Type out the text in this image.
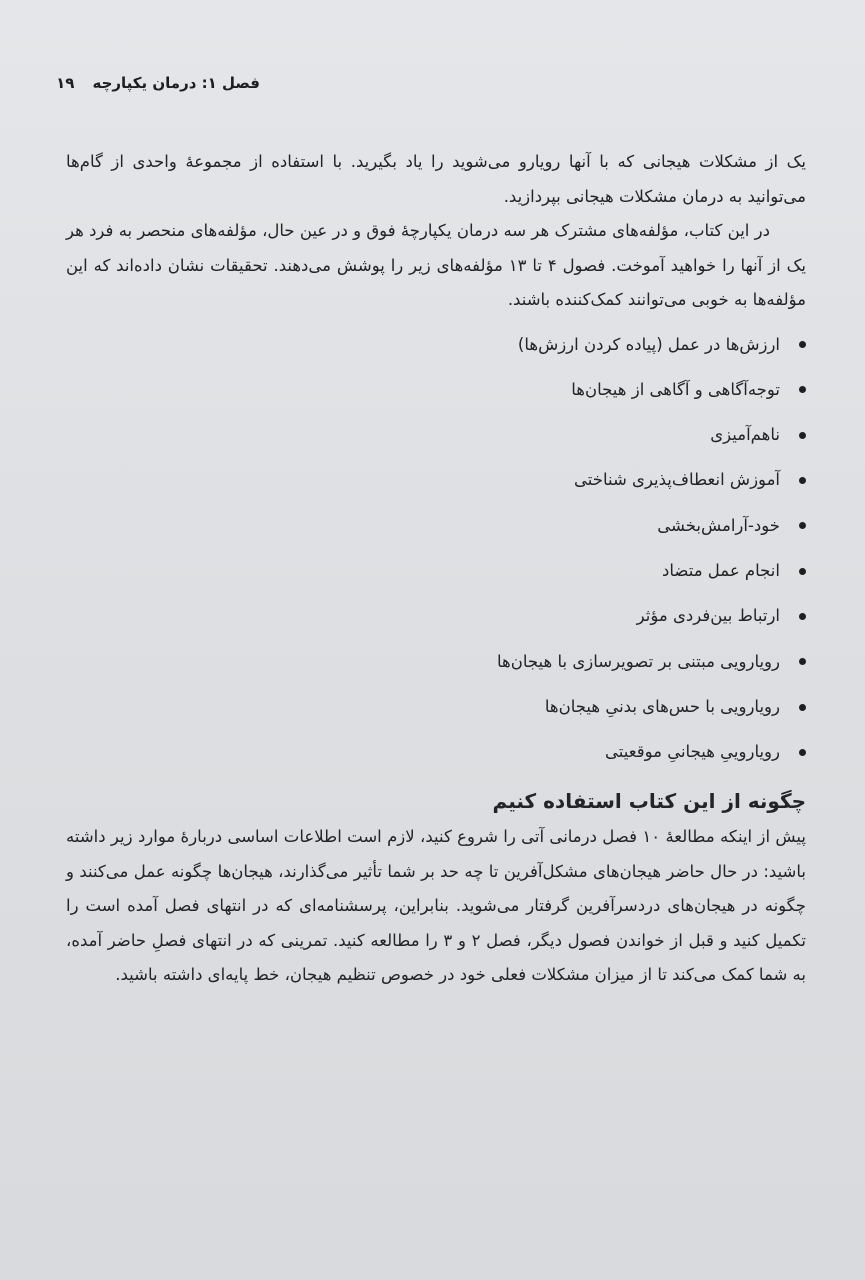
فصل ۱: درمان یکپارچه
۱۹

یک از مشکلات هیجانی که با آنها رویارو می‌شوید را یاد بگیرید. با استفاده از مجموعهٔ واحدی از گام‌ها می‌توانید به درمان مشکلات هیجانی بپردازید.

در این کتاب، مؤلفه‌های مشترک هر سه درمان یکپارچهٔ فوق و در عین حال، مؤلفه‌های منحصر به فرد هر یک از آنها را خواهید آموخت. فصول ۴ تا ۱۳ مؤلفه‌های زیر را پوشش می‌دهند. تحقیقات نشان داده‌اند که این مؤلفه‌ها به خوبی می‌توانند کمک‌کننده باشند.

ارزش‌ها در عمل (پیاده کردن ارزش‌ها)
توجه‌آگاهی و آگاهی از هیجان‌ها
ناهم‌آمیزی
آموزش انعطاف‌پذیری شناختی
خود-آرامش‌بخشی
انجام عمل متضاد
ارتباط بین‌فردی مؤثر
رویارویی مبتنی بر تصویرسازی با هیجان‌ها
رویارویی با حس‌های بدنیِ هیجان‌ها
رویاروییِ هیجانیِ موقعیتی
چگونه از این کتاب استفاده کنیم

پیش از اینکه مطالعهٔ ۱۰ فصل درمانی آتی را شروع کنید، لازم است اطلاعات اساسی دربارهٔ موارد زیر داشته باشید: در حال حاضر هیجان‌های مشکل‌آفرین تا چه حد بر شما تأثیر می‌گذارند، هیجان‌ها چگونه عمل می‌کنند و چگونه در هیجان‌های دردسرآفرین گرفتار می‌شوید. بنابراین، پرسشنامه‌ای که در انتهای فصل آمده است را تکمیل کنید و قبل از خواندن فصول دیگر، فصل ۲ و ۳ را مطالعه کنید. تمرینی که در انتهای فصلِ حاضر آمده، به شما کمک می‌کند تا از میزان مشکلات فعلی خود در خصوص تنظیم هیجان، خط پایه‌ای داشته باشید.
